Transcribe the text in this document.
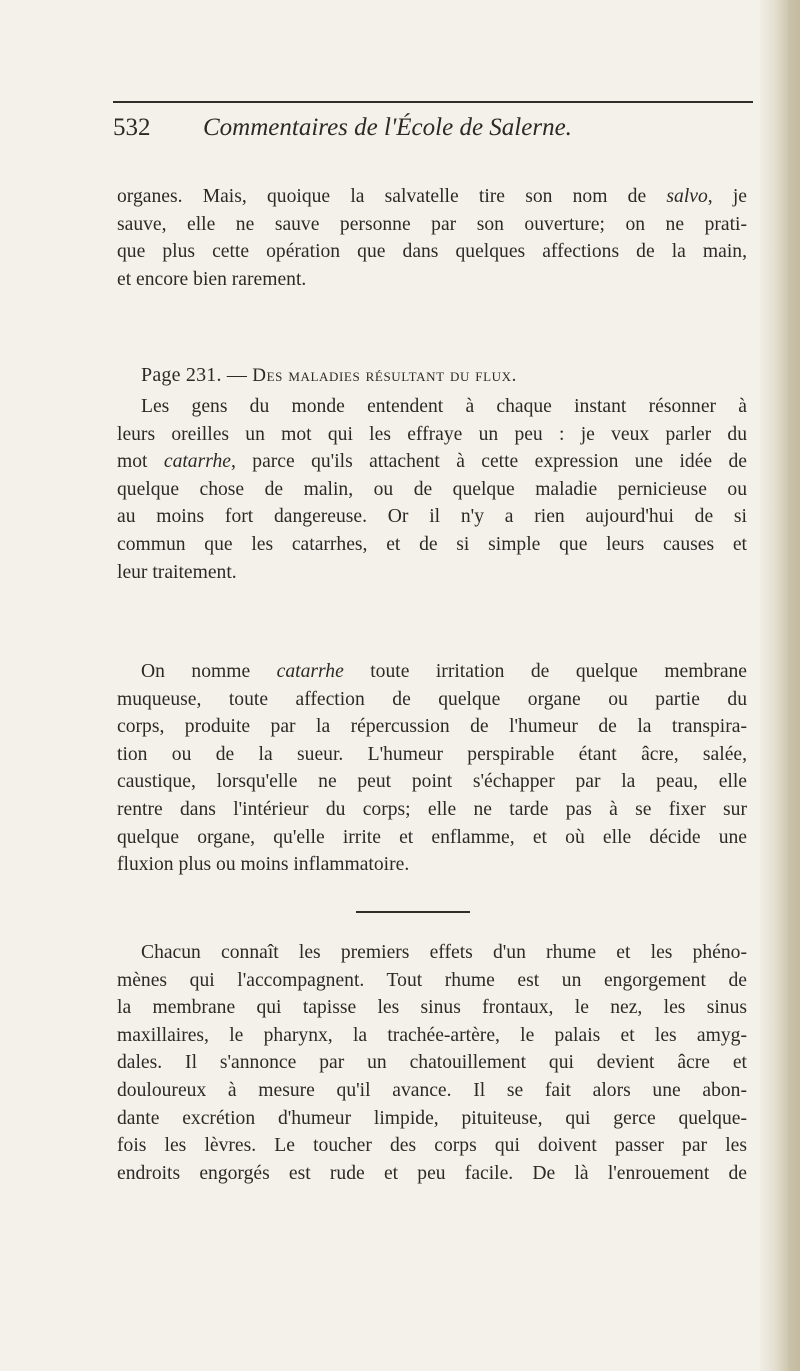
532 Commentaires de l'École de Salerne.
organes. Mais, quoique la salvatelle tire son nom de salvo, je
sauve, elle ne sauve personne par son ouverture; on ne prati-
que plus cette opération que dans quelques affections de la main,
et encore bien rarement.
Page 231. — Des maladies résultant du flux.
Les gens du monde entendent à chaque instant résonner à
leurs oreilles un mot qui les effraye un peu : je veux parler du
mot catarrhe, parce qu'ils attachent à cette expression une idée de
quelque chose de malin, ou de quelque maladie pernicieuse ou
au moins fort dangereuse. Or il n'y a rien aujourd'hui de si
commun que les catarrhes, et de si simple que leurs causes et
leur traitement.
On nomme catarrhe toute irritation de quelque membrane
muqueuse, toute affection de quelque organe ou partie du
corps, produite par la répercussion de l'humeur de la transpira-
tion ou de la sueur. L'humeur perspirable étant âcre, salée,
caustique, lorsqu'elle ne peut point s'échapper par la peau, elle
rentre dans l'intérieur du corps; elle ne tarde pas à se fixer sur
quelque organe, qu'elle irrite et enflamme, et où elle décide une
fluxion plus ou moins inflammatoire.
Chacun connaît les premiers effets d'un rhume et les phéno-
mènes qui l'accompagnent. Tout rhume est un engorgement de
la membrane qui tapisse les sinus frontaux, le nez, les sinus
maxillaires, le pharynx, la trachée-artère, le palais et les amyg-
dales. Il s'annonce par un chatouillement qui devient âcre et
douloureux à mesure qu'il avance. Il se fait alors une abon-
dante excrétion d'humeur limpide, pituiteuse, qui gerce quelque-
fois les lèvres. Le toucher des corps qui doivent passer par les
endroits engorgés est rude et peu facile. De là l'enrouement de
